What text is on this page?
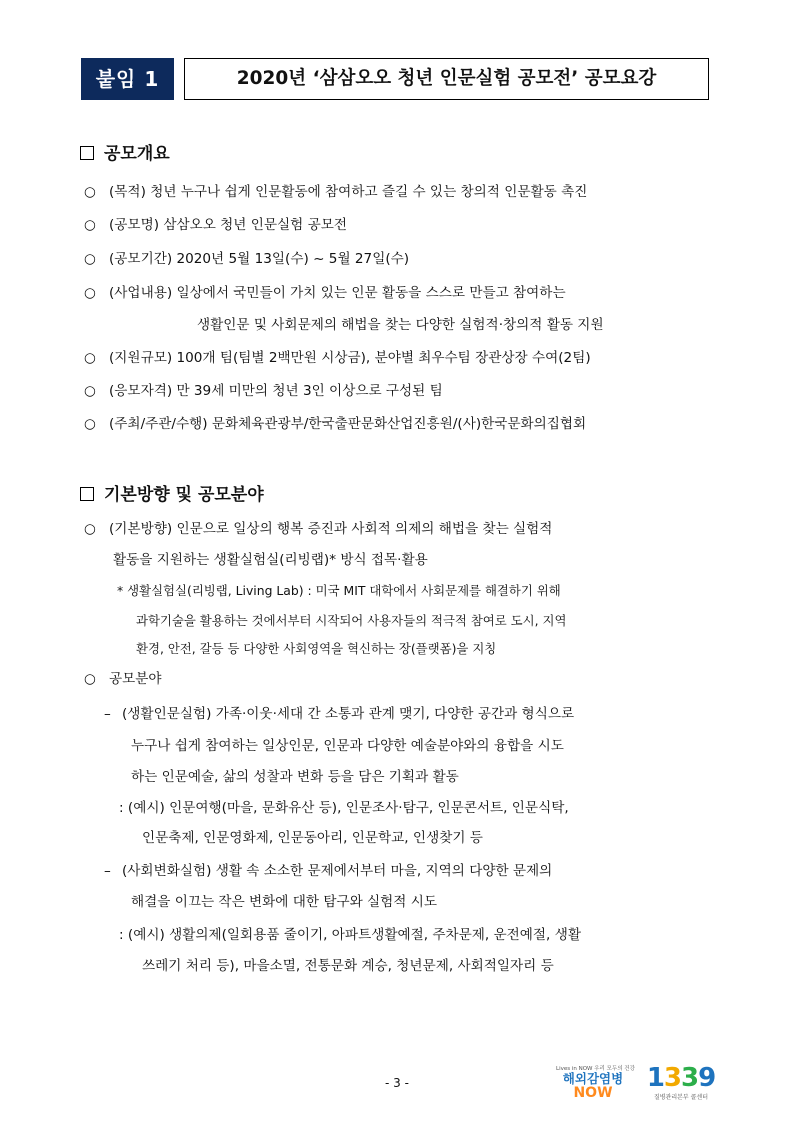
붙임 1	2020년 ‘삼삼오오 청년 인문실험 공모전’ 공모요강
공모개요
○ (목적) 청년 누구나 쉽게 인문활동에 참여하고 즐길 수 있는 창의적 인문활동 촉진
○ (공모명) 삼삼오오 청년 인문실험 공모전
○ (공모기간) 2020년 5월 13일(수) ~ 5월 27일(수)
○ (사업내용) 일상에서 국민들이 가치 있는 인문 활동을 스스로 만들고 참여하는
생활인문 및 사회문제의 해법을 찾는 다양한 실험적·창의적 활동 지원
○ (지원규모) 100개 팀(팀별 2백만원 시상금), 분야별 최우수팀 장관상장 수여(2팀)
○ (응모자격) 만 39세 미만의 청년 3인 이상으로 구성된 팀
○ (주최/주관/수행) 문화체육관광부/한국출판문화산업진흥원/(사)한국문화의집협회
기본방향 및 공모분야
○ (기본방향) 인문으로 일상의 행복 증진과 사회적 의제의 해법을 찾는 실험적
활동을 지원하는 생활실험실(리빙랩)* 방식 접목·활용
* 생활실험실(리빙랩, Living Lab) : 미국 MIT 대학에서 사회문제를 해결하기 위해
과학기술을 활용하는 것에서부터 시작되어 사용자들의 적극적 참여로 도시, 지역
환경, 안전, 갈등 등 다양한 사회영역을 혁신하는 장(플랫폼)을 지칭
○ 공모분야
– (생활인문실험) 가족·이웃·세대 간 소통과 관계 맺기, 다양한 공간과 형식으로
누구나 쉽게 참여하는 일상인문, 인문과 다양한 예술분야와의 융합을 시도
하는 인문예술, 삶의 성찰과 변화 등을 담은 기획과 활동
: (예시) 인문여행(마을, 문화유산 등), 인문조사·탐구, 인문콘서트, 인문식탁,
인문축제, 인문영화제, 인문동아리, 인문학교, 인생찾기 등
– (사회변화실험) 생활 속 소소한 문제에서부터 마을, 지역의 다양한 문제의
해결을 이끄는 작은 변화에 대한 탐구와 실험적 시도
: (예시) 생활의제(일회용품 줄이기, 아파트생활예절, 주차문제, 운전예절, 생활
쓰레기 처리 등), 마을소멸, 전통문화 계승, 청년문제, 사회적일자리 등
- 3 -
Lives in NOW 우리 모두의 건강
해외감염병
NOW	1339
질병관리본부 콜센터
